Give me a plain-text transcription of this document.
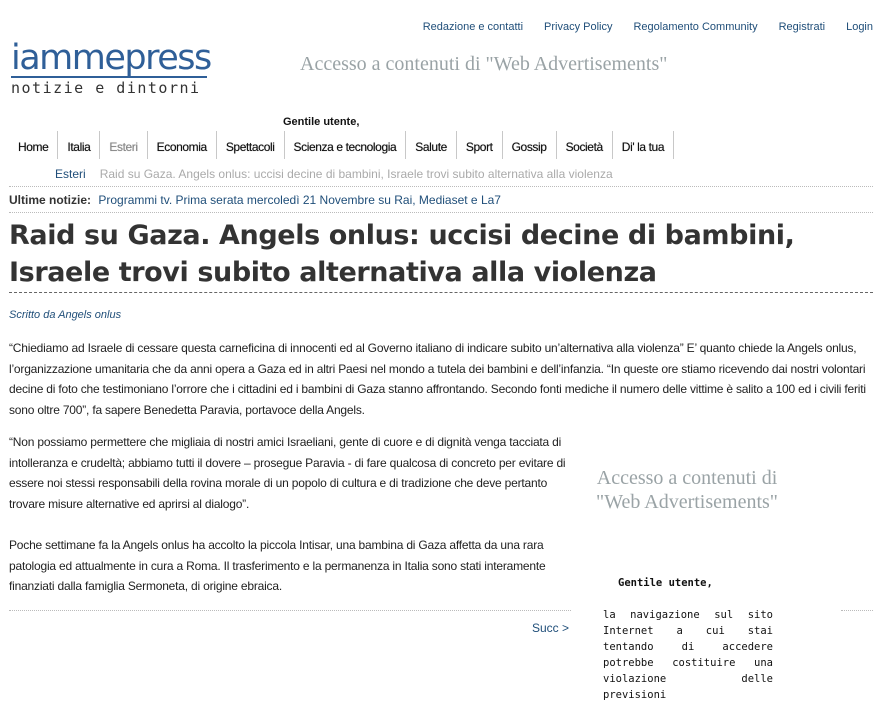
Redazione e contatti Privacy Policy Regolamento Community Registrati Login
iammepress
notizie e dintorni
Accesso a contenuti di "Web Advertisements"
Gentile utente,
Home	Italia	Esteri	Economia	Spettacoli	Scienza e tecnologia	Salute	Sport	Gossip	Società	Di' la tua
Esteri Raid su Gaza. Angels onlus: uccisi decine di bambini, Israele trovi subito alternativa alla violenza
Ultime notizie: Programmi tv. Prima serata mercoledì 21 Novembre su Rai, Mediaset e La7
Raid su Gaza. Angels onlus: uccisi decine di bambini, Israele trovi subito alternativa alla violenza
Scritto da Angels onlus

“Chiediamo ad Israele di cessare questa carneficina di innocenti ed al Governo italiano di indicare subito un’alternativa alla violenza” E’ quanto chiede la Angels onlus, l’organizzazione umanitaria che da anni opera a Gaza ed in altri Paesi nel mondo a tutela dei bambini e dell’infanzia. “In queste ore stiamo ricevendo dai nostri volontari decine di foto che testimoniano l’orrore che i cittadini ed i bambini di Gaza stanno affrontando. Secondo fonti mediche il numero delle vittime è salito a 100 ed i civili feriti sono oltre 700”, fa sapere Benedetta Paravia, portavoce della Angels.

“Non possiamo permettere che migliaia di nostri amici Israeliani, gente di cuore e di dignità venga tacciata di intolleranza e crudeltà; abbiamo tutti il dovere – prosegue Paravia - di fare qualcosa di concreto per evitare di essere noi stessi responsabili della rovina morale di un popolo di cultura e di tradizione che deve pertanto trovare misure alternative ed aprirsi al dialogo”.

Poche settimane fa la Angels onlus ha accolto la piccola Intisar, una bambina di Gaza affetta da una rara patologia ed attualmente in cura a Roma. Il trasferimento e la permanenza in Italia sono stati interamente finanziati dalla famiglia Sermoneta, di origine ebraica.

Succ >
Accesso a contenuti di "Web Advertisements"
Gentile utente,
la navigazione sul sito Internet a cui stai tentando di accedere potrebbe costituire una violazione delle previsioni
